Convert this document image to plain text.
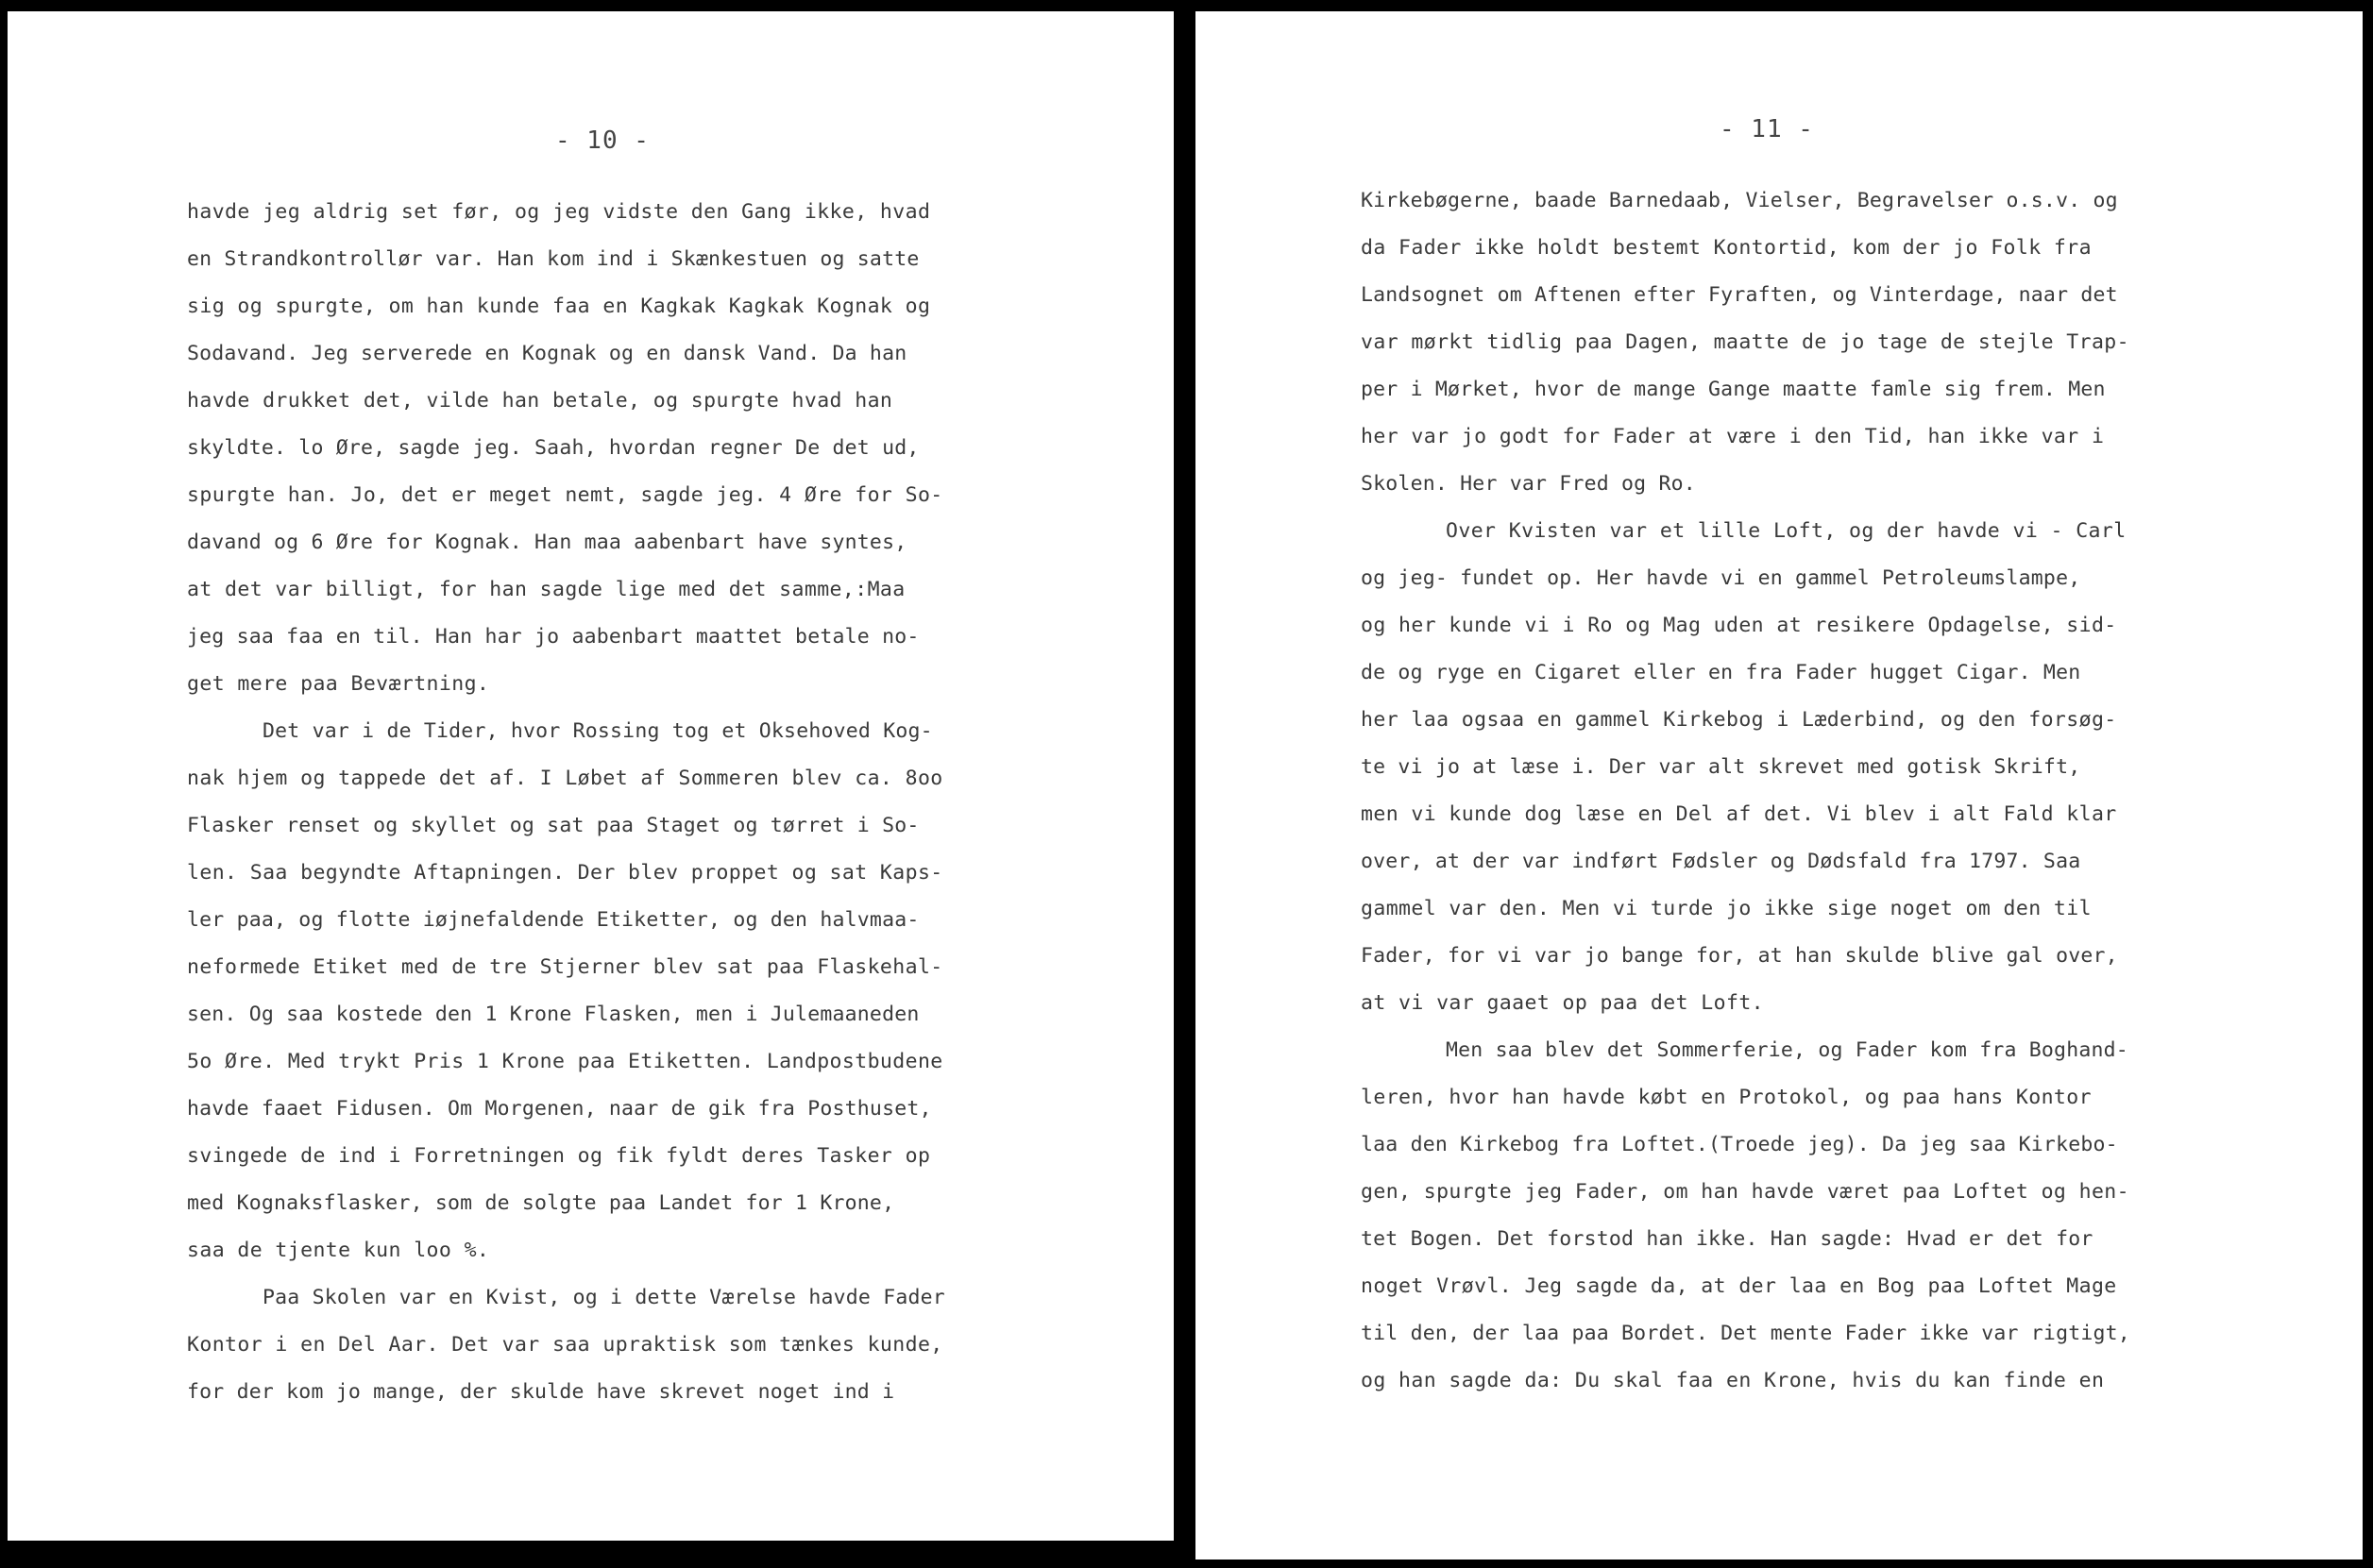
- 10 -
havde jeg aldrig set før, og jeg vidste den Gang ikke, hvad
en Strandkontrollør var. Han kom ind i Skænkestuen og satte
sig og spurgte, om han kunde faa en Kagkak Kagkak Kognak og
Sodavand. Jeg serverede en Kognak og en dansk Vand. Da han
havde drukket det, vilde han betale, og spurgte hvad han
skyldte. lo Øre, sagde jeg. Saah, hvordan regner De det ud,
spurgte han. Jo, det er meget nemt, sagde jeg. 4 Øre for So-
davand og 6 Øre for Kognak. Han maa aabenbart have syntes,
at det var billigt, for han sagde lige med det samme,:Maa
jeg saa faa en til. Han har jo aabenbart maattet betale no-
get mere paa Beværtning.
Det var i de Tider, hvor Rossing tog et Oksehoved Kog-
nak hjem og tappede det af. I Løbet af Sommeren blev ca. 8oo
Flasker renset og skyllet og sat paa Staget og tørret i So-
len. Saa begyndte Aftapningen. Der blev proppet og sat Kaps-
ler paa, og flotte iøjnefaldende Etiketter, og den halvmaa-
neformede Etiket med de tre Stjerner blev sat paa Flaskehal-
sen. Og saa kostede den 1 Krone Flasken, men i Julemaaneden
5o Øre. Med trykt Pris 1 Krone paa Etiketten. Landpostbudene
havde faaet Fidusen. Om Morgenen, naar de gik fra Posthuset,
svingede de ind i Forretningen og fik fyldt deres Tasker op
med Kognaksflasker, som de solgte paa Landet for 1 Krone,
saa de tjente kun loo %.
Paa Skolen var en Kvist, og i dette Værelse havde Fader
Kontor i en Del Aar. Det var saa upraktisk som tænkes kunde,
for der kom jo mange, der skulde have skrevet noget ind i
- 11 -
Kirkebøgerne, baade Barnedaab, Vielser, Begravelser o.s.v. og
da Fader ikke holdt bestemt Kontortid, kom der jo Folk fra
Landsognet om Aftenen efter Fyraften, og Vinterdage, naar det
var mørkt tidlig paa Dagen, maatte de jo tage de stejle Trap-
per i Mørket, hvor de mange Gange maatte famle sig frem. Men
her var jo godt for Fader at være i den Tid, han ikke var i
Skolen. Her var Fred og Ro.
Over Kvisten var et lille Loft, og der havde vi - Carl
og jeg- fundet op. Her havde vi en gammel Petroleumslampe,
og her kunde vi i Ro og Mag uden at resikere Opdagelse, sid-
de og ryge en Cigaret eller en fra Fader hugget Cigar. Men
her laa ogsaa en gammel Kirkebog i Læderbind, og den forsøg-
te vi jo at læse i. Der var alt skrevet med gotisk Skrift,
men vi kunde dog læse en Del af det. Vi blev i alt Fald klar
over, at der var indført Fødsler og Dødsfald fra 1797. Saa
gammel var den. Men vi turde jo ikke sige noget om den til
Fader, for vi var jo bange for, at han skulde blive gal over,
at vi var gaaet op paa det Loft.
Men saa blev det Sommerferie, og Fader kom fra Boghand-
leren, hvor han havde købt en Protokol, og paa hans Kontor
laa den Kirkebog fra Loftet.(Troede jeg). Da jeg saa Kirkebo-
gen, spurgte jeg Fader, om han havde været paa Loftet og hen-
tet Bogen. Det forstod han ikke. Han sagde: Hvad er det for
noget Vrøvl. Jeg sagde da, at der laa en Bog paa Loftet Mage
til den, der laa paa Bordet. Det mente Fader ikke var rigtigt,
og han sagde da: Du skal faa en Krone, hvis du kan finde en
